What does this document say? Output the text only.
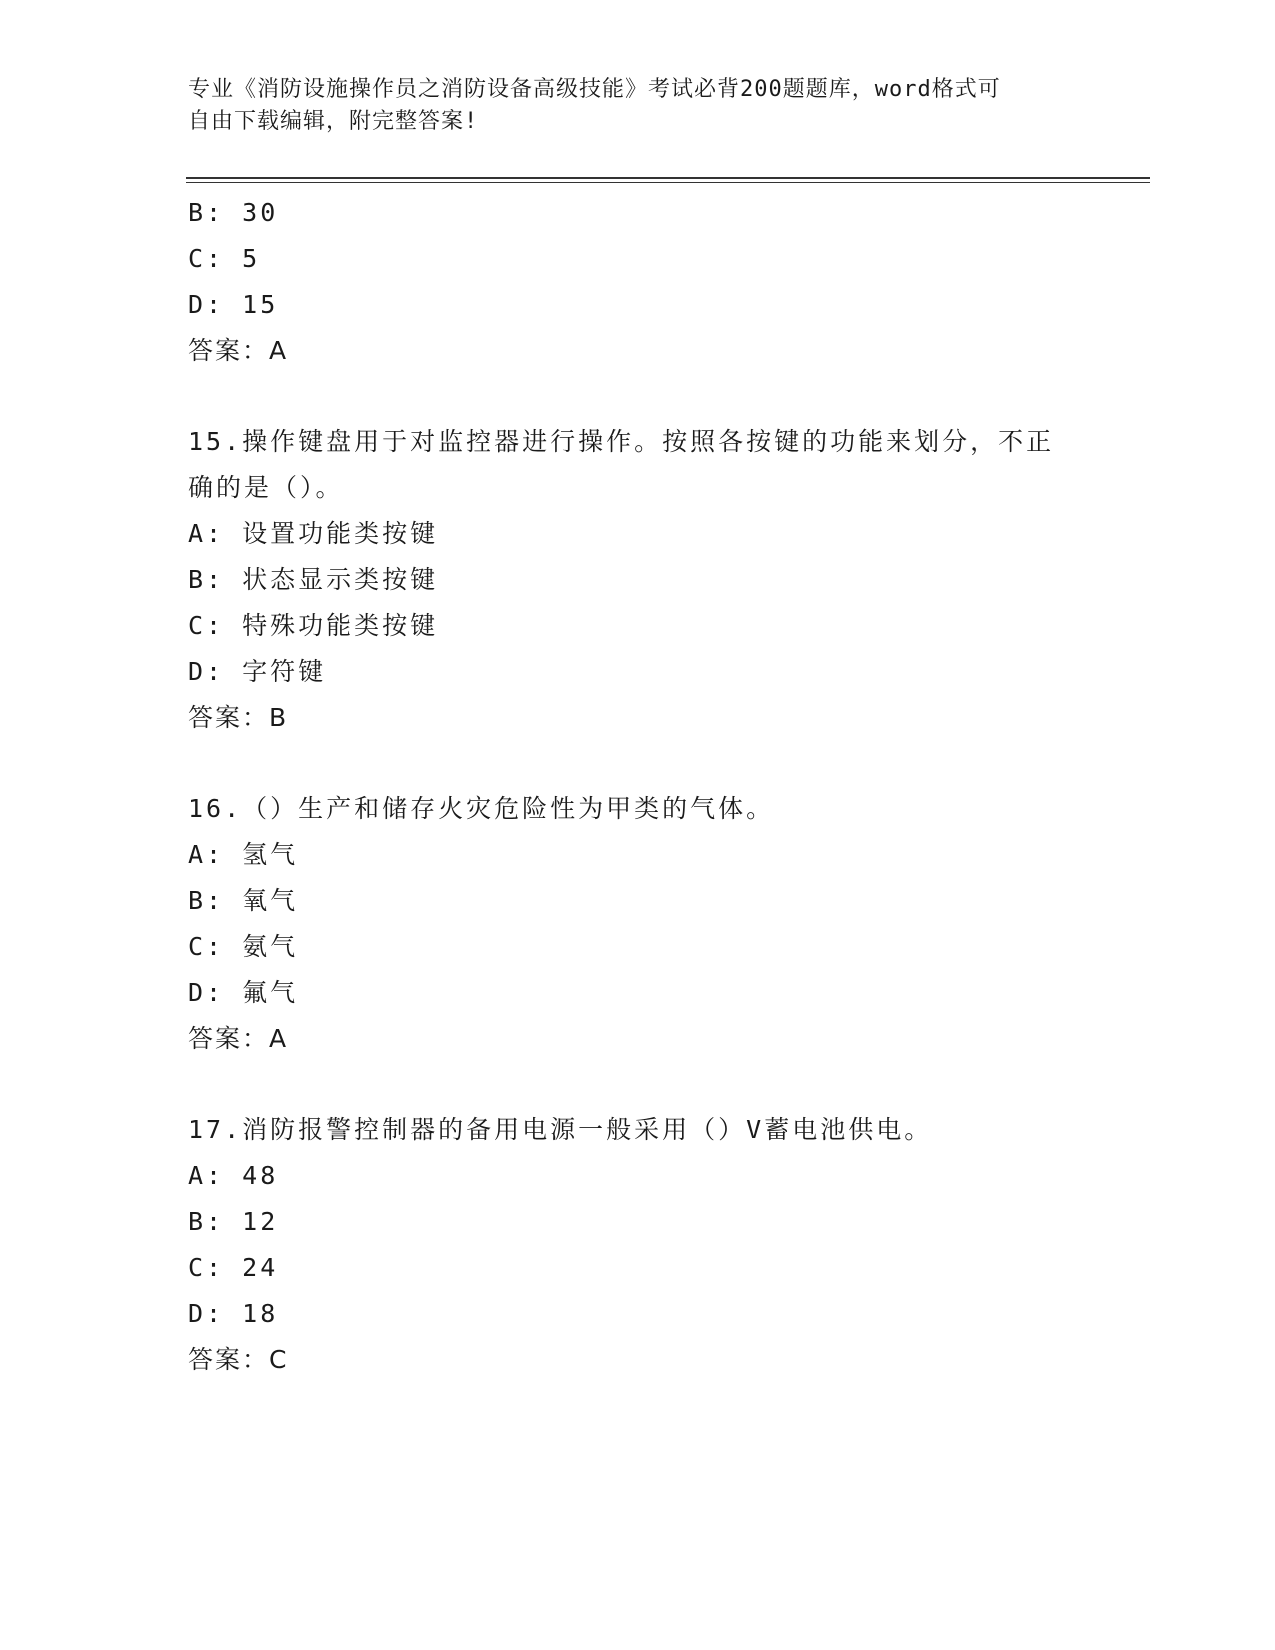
专业《消防设施操作员之消防设备高级技能》考试必背200题题库，word格式可
自由下载编辑，附完整答案!
B: 30
C: 5
D: 15
答案：A
15.操作键盘用于对监控器进行操作。按照各按键的功能来划分，不正
确的是（）。
A: 设置功能类按键
B: 状态显示类按键
C: 特殊功能类按键
D: 字符键
答案：B
16.（）生产和储存火灾危险性为甲类的气体。
A: 氢气
B: 氧气
C: 氨气
D: 氟气
答案：A
17.消防报警控制器的备用电源一般采用（）V蓄电池供电。
A: 48
B: 12
C: 24
D: 18
答案：C
